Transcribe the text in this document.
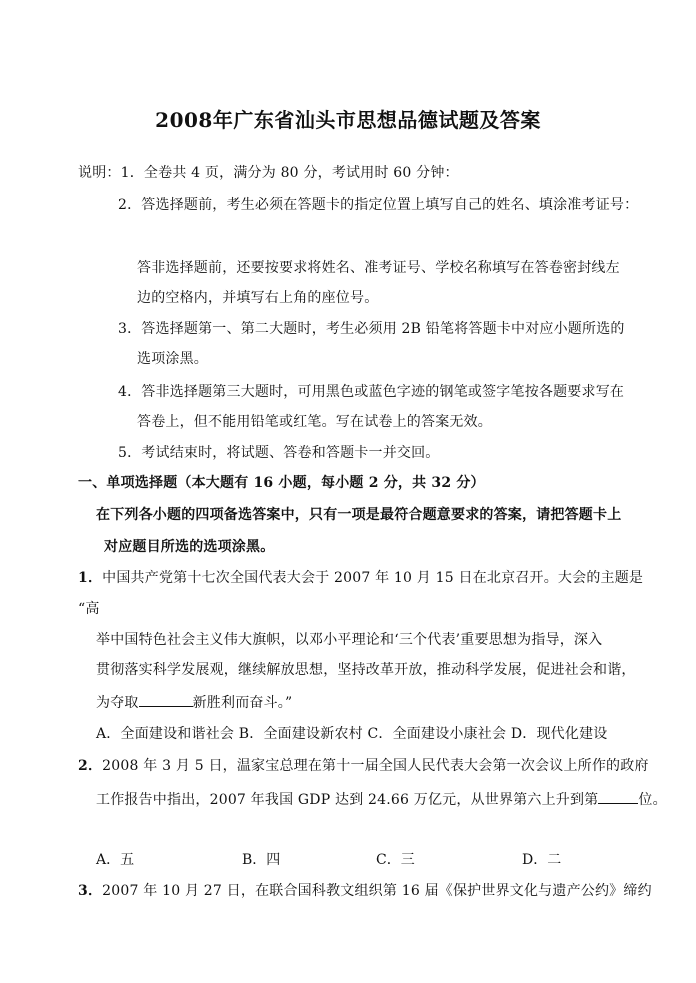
2008年广东省汕头市思想品德试题及答案
说明：1．全卷共 4 页，满分为 80 分，考试用时 60 分钟：
2．答选择题前，考生必须在答题卡的指定位置上填写自己的姓名、填涂准考证号：
答非选择题前，还要按要求将姓名、准考证号、学校名称填写在答卷密封线左
边的空格内，并填写右上角的座位号。
3．答选择题第一、第二大题时，考生必须用 2B 铅笔将答题卡中对应小题所选的
选项涂黑。
4．答非选择题第三大题时，可用黑色或蓝色字迹的钢笔或签字笔按各题要求写在
答卷上，但不能用铅笔或红笔。写在试卷上的答案无效。
5．考试结束时，将试题、答卷和答题卡一并交回。
一、单项选择题（本大题有 16 小题，每小题 2 分，共 32 分）
在下列各小题的四项备选答案中，只有一项是最符合题意要求的答案，请把答题卡上
对应题目所选的选项涂黑。
1．中国共产党第十七次全国代表大会于 2007 年 10 月 15 日在北京召开。大会的主题是
“高
举中国特色社会主义伟大旗帜，以邓小平理论和‘三个代表’重要思想为指导，深入
贯彻落实科学发展观，继续解放思想，坚持改革开放，推动科学发展，促进社会和谐，
为夺取	新胜利而奋斗。”
A．全面建设和谐社会 B．全面建设新农村 C．全面建设小康社会 D．现代化建设
2．2008 年 3 月 5 日，温家宝总理在第十一届全国人民代表大会第一次会议上所作的政府
工作报告中指出，2007 年我国 GDP 达到 24.66 万亿元，从世界第六上升到第	位。
A．五	B．四	C．三	D．二
3．2007 年 10 月 27 日，在联合国科教文组织第 16 届《保护世界文化与遗产公约》缔约
